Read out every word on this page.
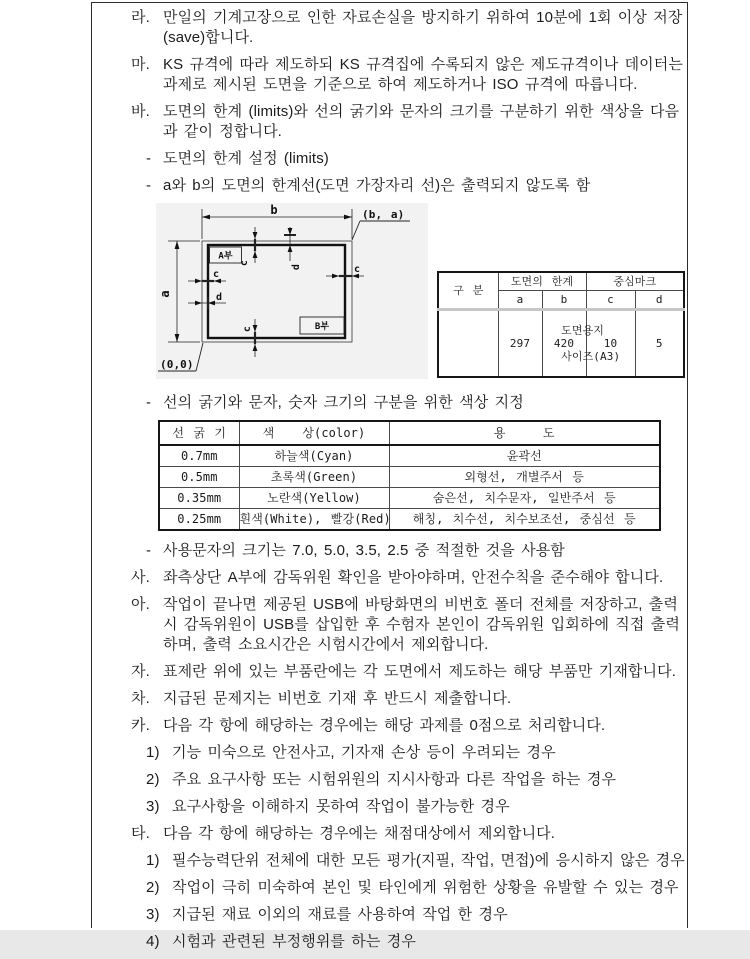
라. 만일의 기계고장으로 인한 자료손실을 방지하기 위하여 10분에 1회 이상 저장(save)합니다.
마. KS 규격에 따라 제도하되 KS 규격집에 수록되지 않은 제도규격이나 데이터는 과제로 제시된 도면을 기준으로 하여 제도하거나 ISO 규격에 따릅니다.
바. 도면의 한계 (limits)와 선의 굵기와 문자의 크기를 구분하기 위한 색상을 다음과 같이 정합니다.
- 도면의 한계 설정 (limits)
- a와 b의 도면의 한계선(도면 가장자리 선)은 출력되지 않도록 함
b
a
(b, a)
(0,0)
A부
B부
c
d
c
d
c
c
구 분	도면의 한계		중심마크	
	a	b	c	d

도면용지

사이즈(A3)	297	420	10	5
- 선의 굵기와 문자, 숫자 크기의 구분을 위한 색상 지정
선 굵 기	색   상(color)	용    도
0.7mm	하늘색(Cyan)	윤곽선
0.5mm	초록색(Green)	외형선, 개별주서 등
0.35mm	노란색(Yellow)	숨은선, 치수문자, 일반주서 등
0.25mm	흰색(White), 빨강(Red)	해칭, 치수선, 치수보조선, 중심선 등
- 사용문자의 크기는 7.0, 5.0, 3.5, 2.5 중 적절한 것을 사용함
사. 좌측상단 A부에 감독위원 확인을 받아야하며, 안전수칙을 준수해야 합니다.
아. 작업이 끝나면 제공된 USB에 바탕화면의 비번호 폴더 전체를 저장하고, 출력 시 감독위원이 USB를 삽입한 후 수험자 본인이 감독위원 입회하에 직접 출력하며, 출력 소요시간은 시험시간에서 제외합니다.
자. 표제란 위에 있는 부품란에는 각 도면에서 제도하는 해당 부품만 기재합니다.
차. 지급된 문제지는 비번호 기재 후 반드시 제출합니다.
카. 다음 각 항에 해당하는 경우에는 해당 과제를 0점으로 처리합니다.
1) 기능 미숙으로 안전사고, 기자재 손상 등이 우려되는 경우
2) 주요 요구사항 또는 시험위원의 지시사항과 다른 작업을 하는 경우
3) 요구사항을 이해하지 못하여 작업이 불가능한 경우
타. 다음 각 항에 해당하는 경우에는 채점대상에서 제외합니다.
1) 필수능력단위 전체에 대한 모든 평가(지필, 작업, 면접)에 응시하지 않은 경우
2) 작업이 극히 미숙하여 본인 및 타인에게 위험한 상황을 유발할 수 있는 경우
3) 지급된 재료 이외의 재료를 사용하여 작업 한 경우
4) 시험과 관련된 부정행위를 하는 경우
